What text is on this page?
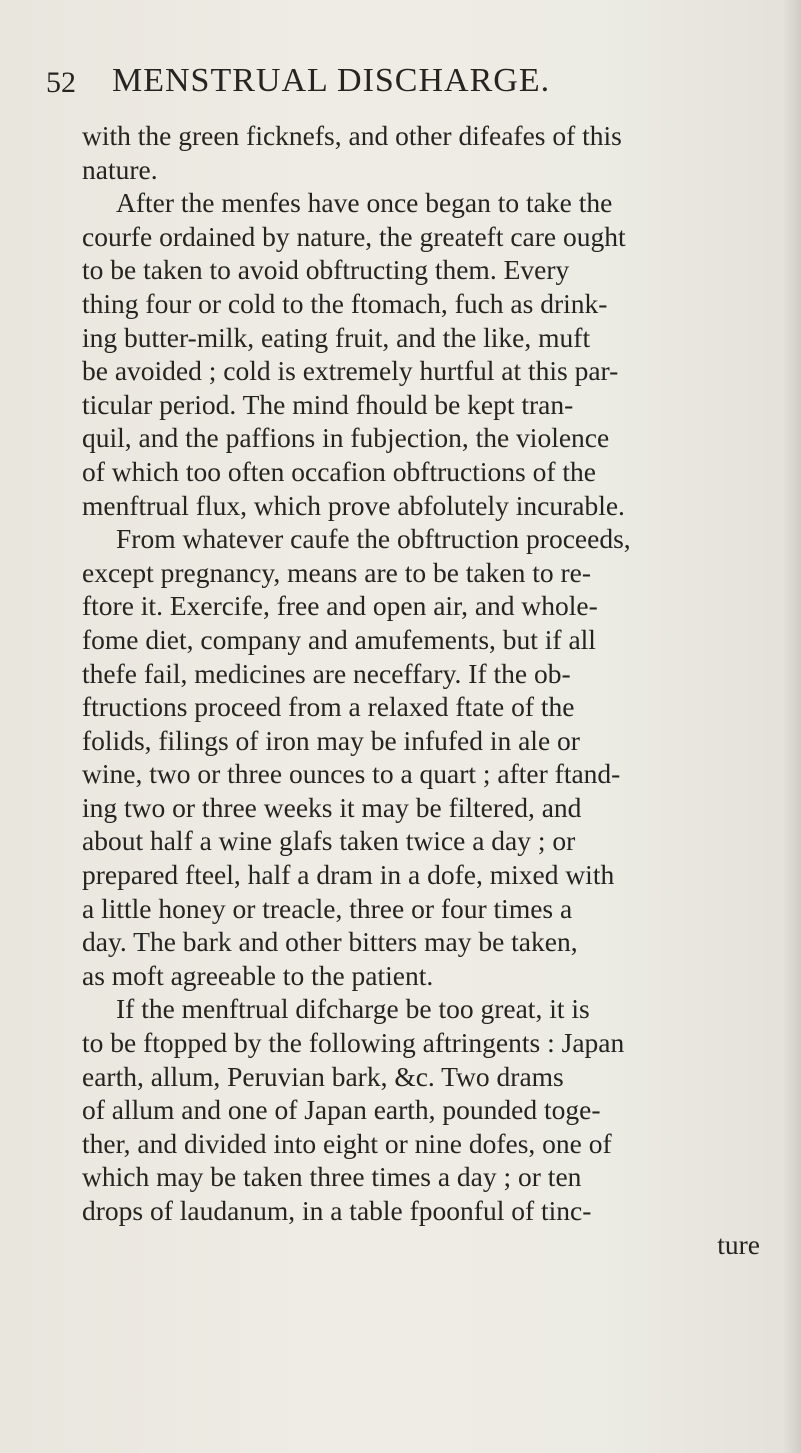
52 MENSTRUAL DISCHARGE.
with the green ficknefs, and other difeafes of this
nature.
After the menfes have once began to take the
courfe ordained by nature, the greateft care ought
to be taken to avoid obftructing them. Every
thing four or cold to the ftomach, fuch as drink-
ing butter-milk, eating fruit, and the like, muft
be avoided ; cold is extremely hurtful at this par-
ticular period. The mind fhould be kept tran-
quil, and the paffions in fubjection, the violence
of which too often occafion obftructions of the
menftrual flux, which prove abfolutely incurable.
From whatever caufe the obftruction proceeds,
except pregnancy, means are to be taken to re-
ftore it. Exercife, free and open air, and whole-
fome diet, company and amufements, but if all
thefe fail, medicines are neceffary. If the ob-
ftructions proceed from a relaxed ftate of the
folids, filings of iron may be infufed in ale or
wine, two or three ounces to a quart ; after ftand-
ing two or three weeks it may be filtered, and
about half a wine glafs taken twice a day ; or
prepared fteel, half a dram in a dofe, mixed with
a little honey or treacle, three or four times a
day. The bark and other bitters may be taken,
as moft agreeable to the patient.
If the menftrual difcharge be too great, it is
to be ftopped by the following aftringents : Japan
earth, allum, Peruvian bark, &c. Two drams
of allum and one of Japan earth, pounded toge-
ther, and divided into eight or nine dofes, one of
which may be taken three times a day ; or ten
drops of laudanum, in a table fpoonful of tinc-
ture
